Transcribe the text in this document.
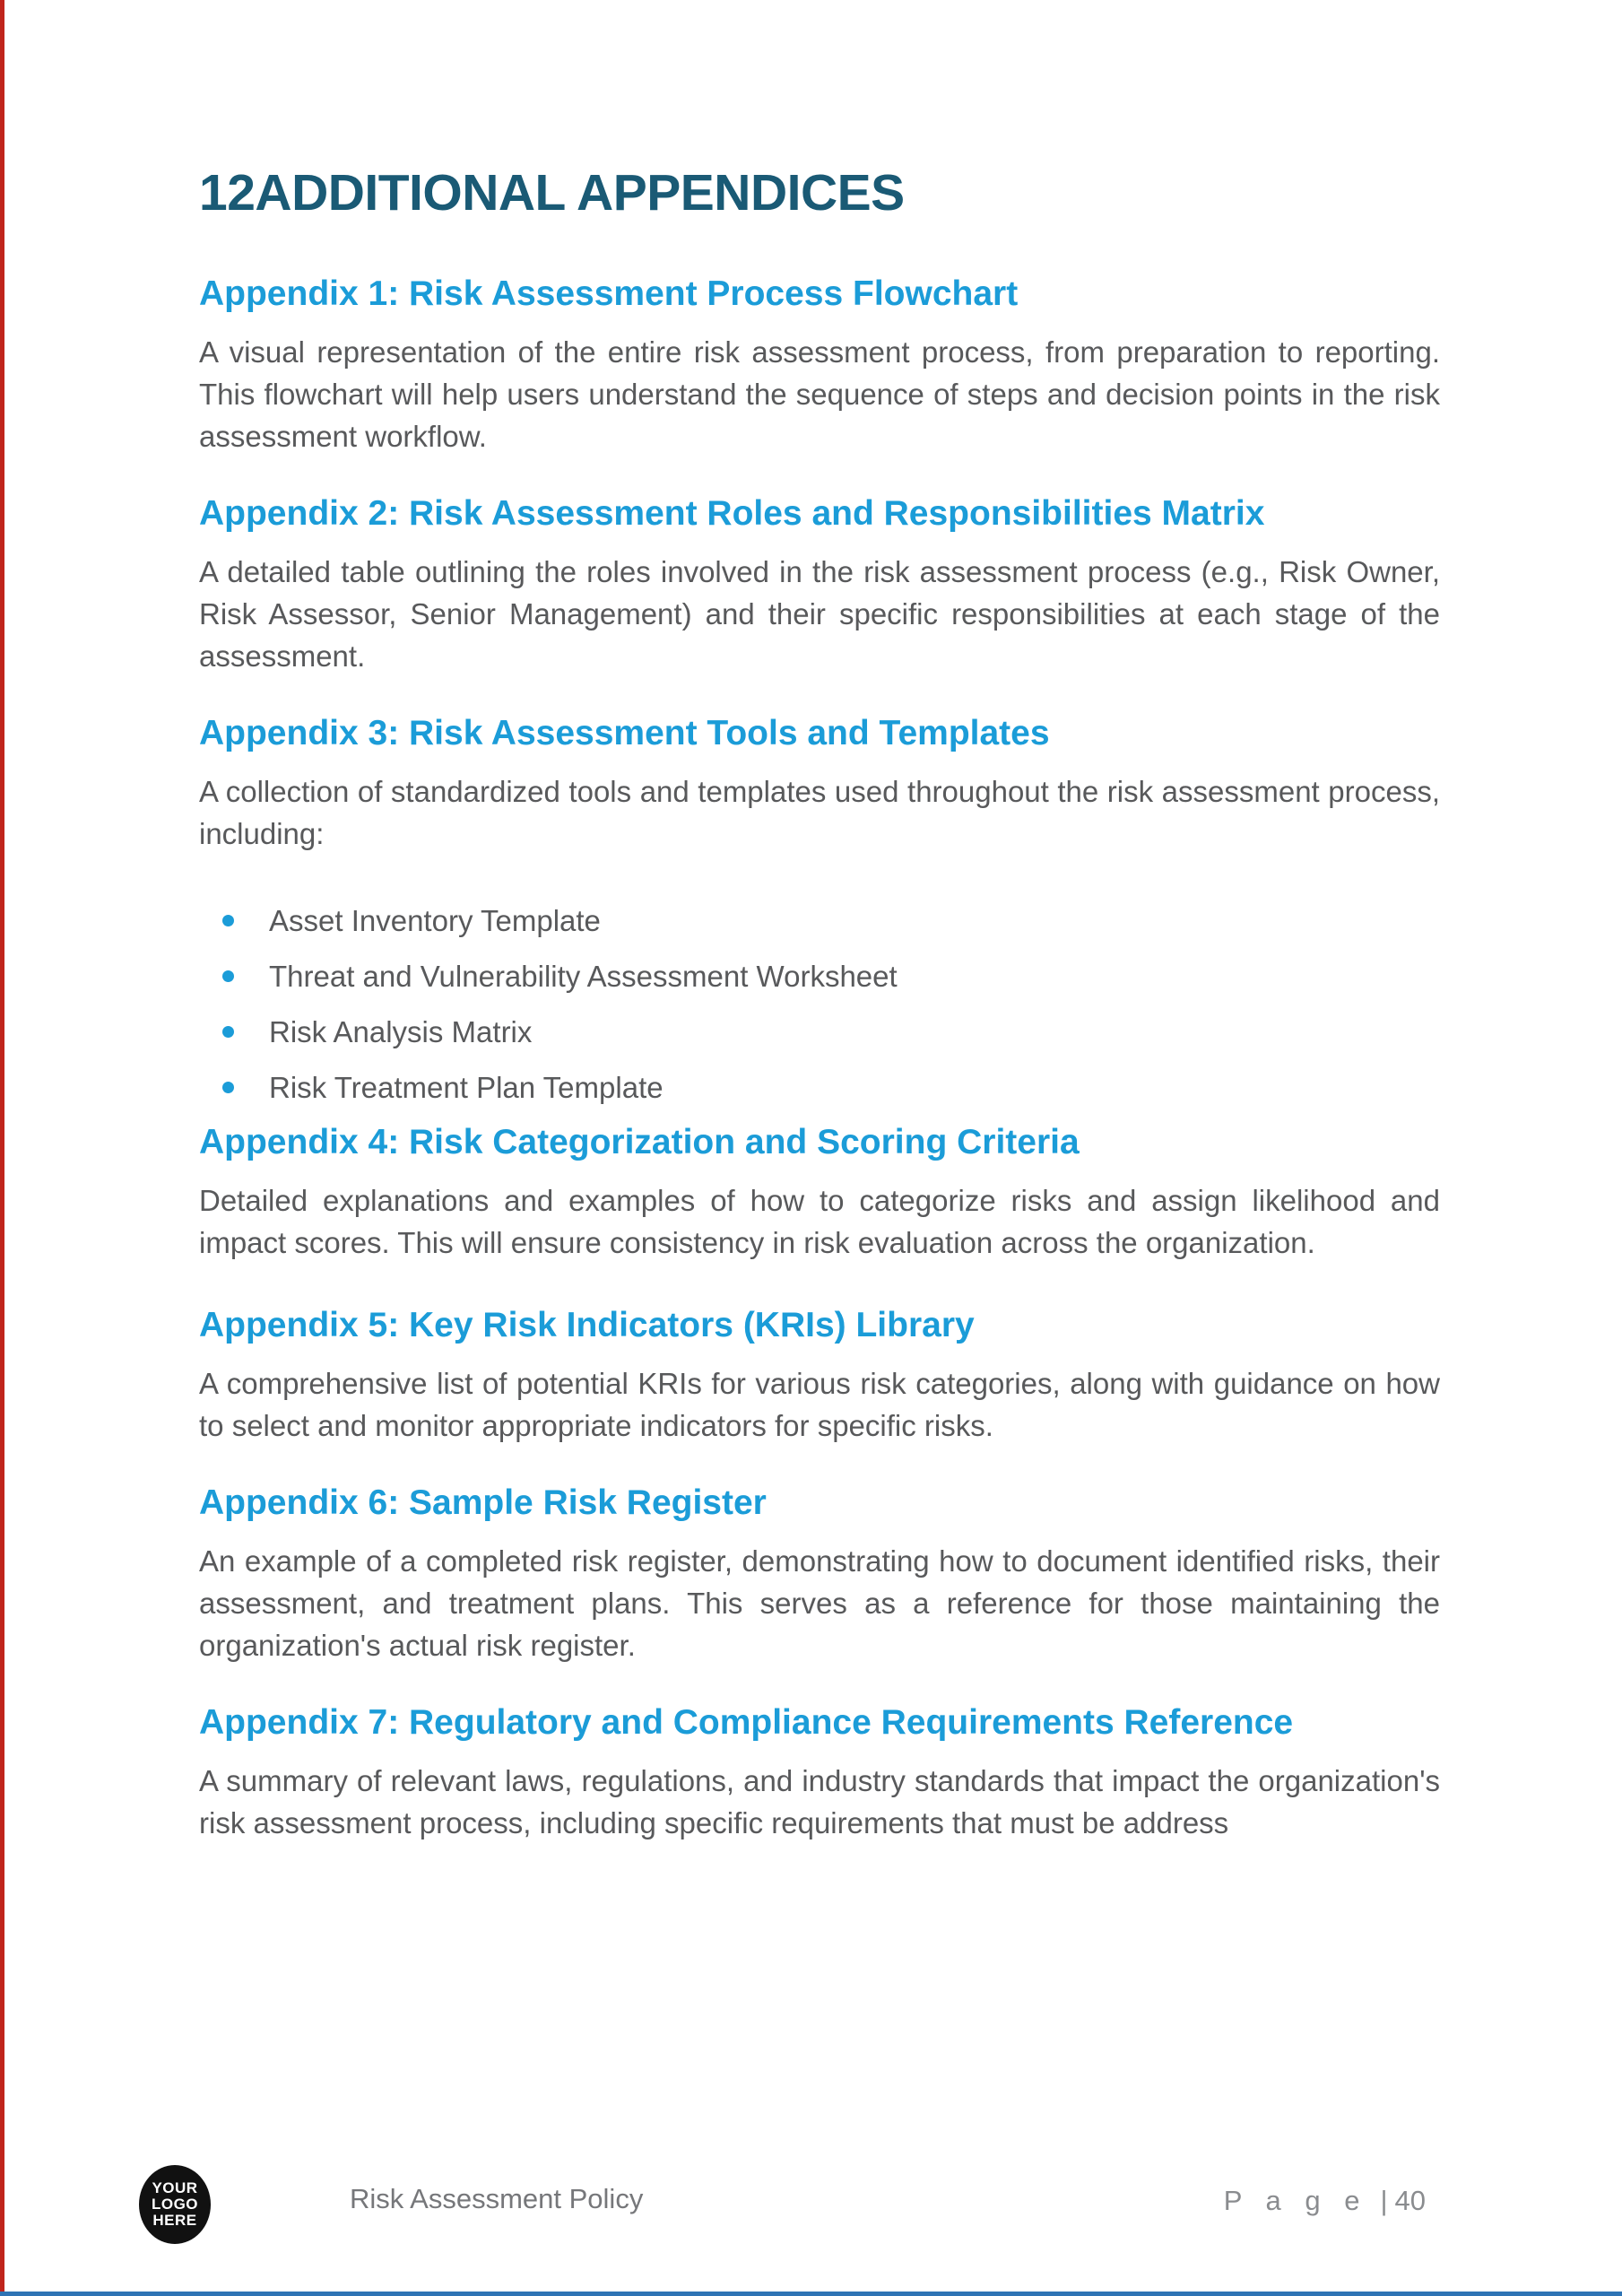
12ADDITIONAL APPENDICES
Appendix 1: Risk Assessment Process Flowchart

A visual representation of the entire risk assessment process, from preparation to reporting. This flowchart will help users understand the sequence of steps and decision points in the risk assessment workflow.

Appendix 2: Risk Assessment Roles and Responsibilities Matrix

A detailed table outlining the roles involved in the risk assessment process (e.g., Risk Owner, Risk Assessor, Senior Management) and their specific responsibilities at each stage of the assessment.

Appendix 3: Risk Assessment Tools and Templates

A collection of standardized tools and templates used throughout the risk assessment process, including:

Asset Inventory Template
Threat and Vulnerability Assessment Worksheet
Risk Analysis Matrix
Risk Treatment Plan Template
Appendix 4: Risk Categorization and Scoring Criteria

Detailed explanations and examples of how to categorize risks and assign likelihood and impact scores. This will ensure consistency in risk evaluation across the organization.

Appendix 5: Key Risk Indicators (KRIs) Library

A comprehensive list of potential KRIs for various risk categories, along with guidance on how to select and monitor appropriate indicators for specific risks.

Appendix 6: Sample Risk Register

An example of a completed risk register, demonstrating how to document identified risks, their assessment, and treatment plans. This serves as a reference for those maintaining the organization's actual risk register.

Appendix 7: Regulatory and Compliance Requirements Reference

A summary of relevant laws, regulations, and industry standards that impact the organization's risk assessment process, including specific requirements that must be address

YOUR
LOGO
HERE
Risk Assessment Policy	P a g e | 40
